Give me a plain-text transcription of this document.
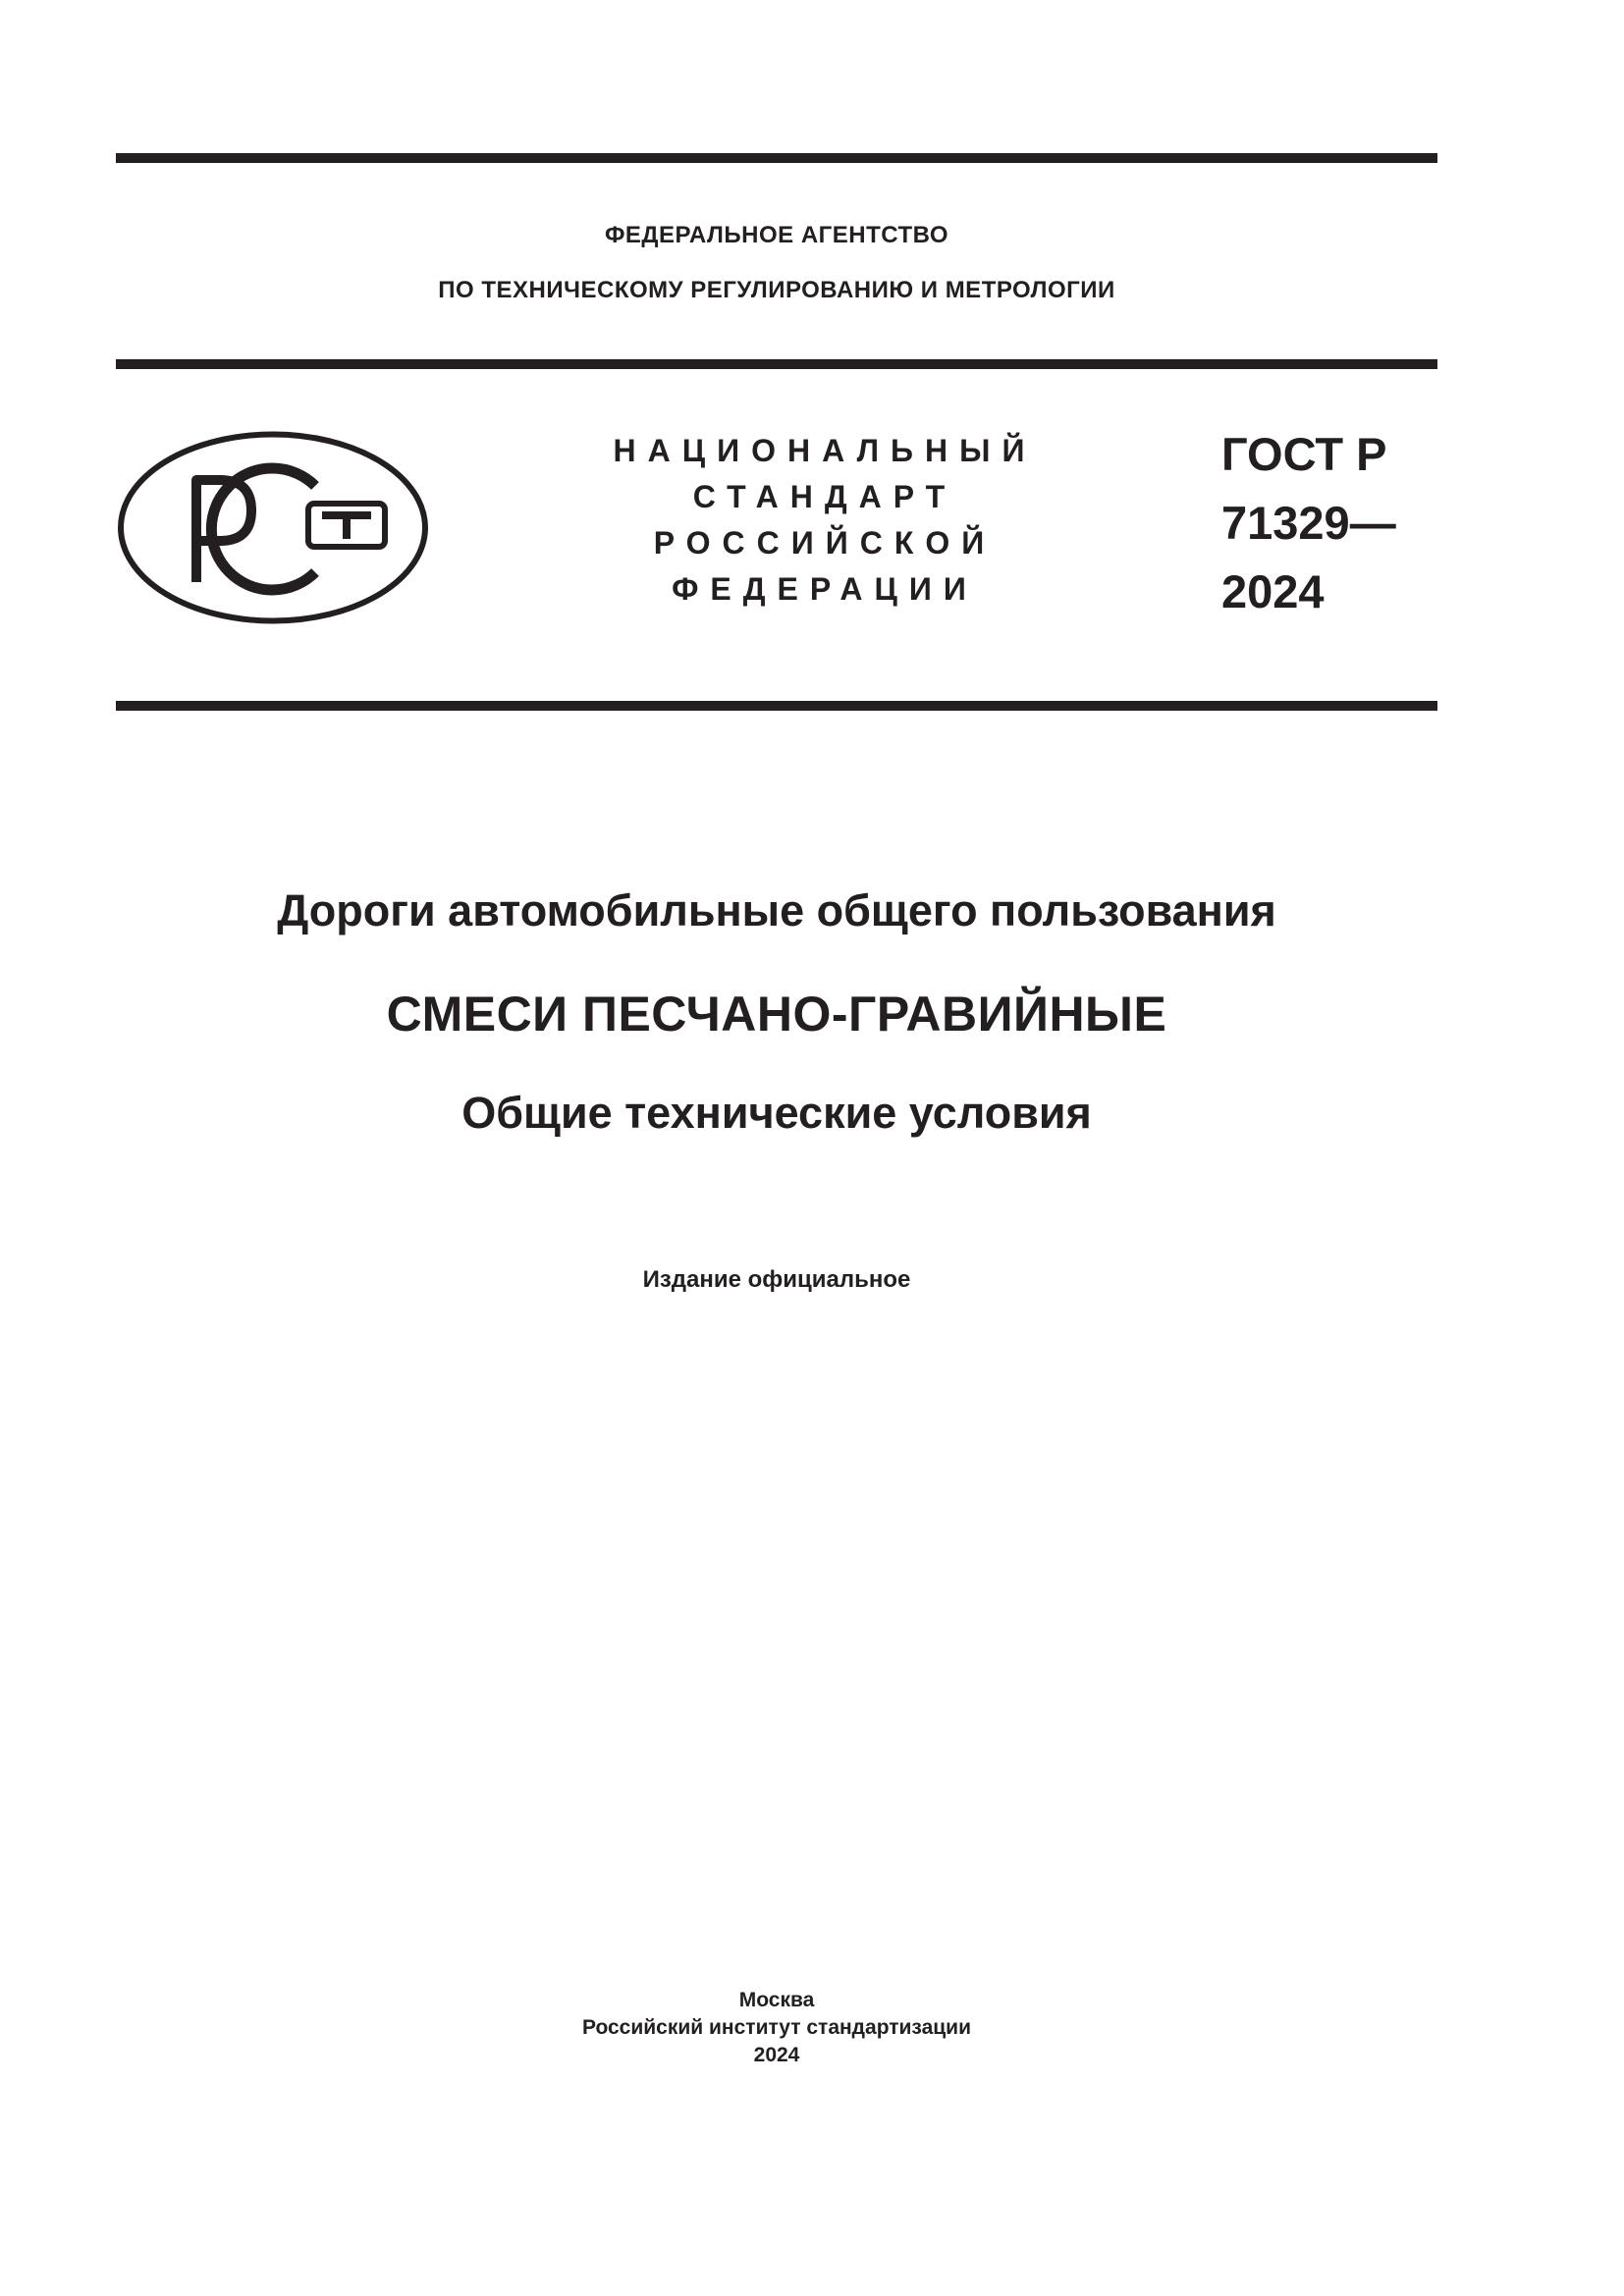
ФЕДЕРАЛЬНОЕ АГЕНТСТВО
ПО ТЕХНИЧЕСКОМУ РЕГУЛИРОВАНИЮ И МЕТРОЛОГИИ
НАЦИОНАЛЬНЫЙ
СТАНДАРТ
РОССИЙСКОЙ
ФЕДЕРАЦИИ
ГОСТ Р
71329—
2024
Дороги автомобильные общего пользования
СМЕСИ ПЕСЧАНО-ГРАВИЙНЫЕ
Общие технические условия
Издание официальное
Москва
Российский институт стандартизации
2024
